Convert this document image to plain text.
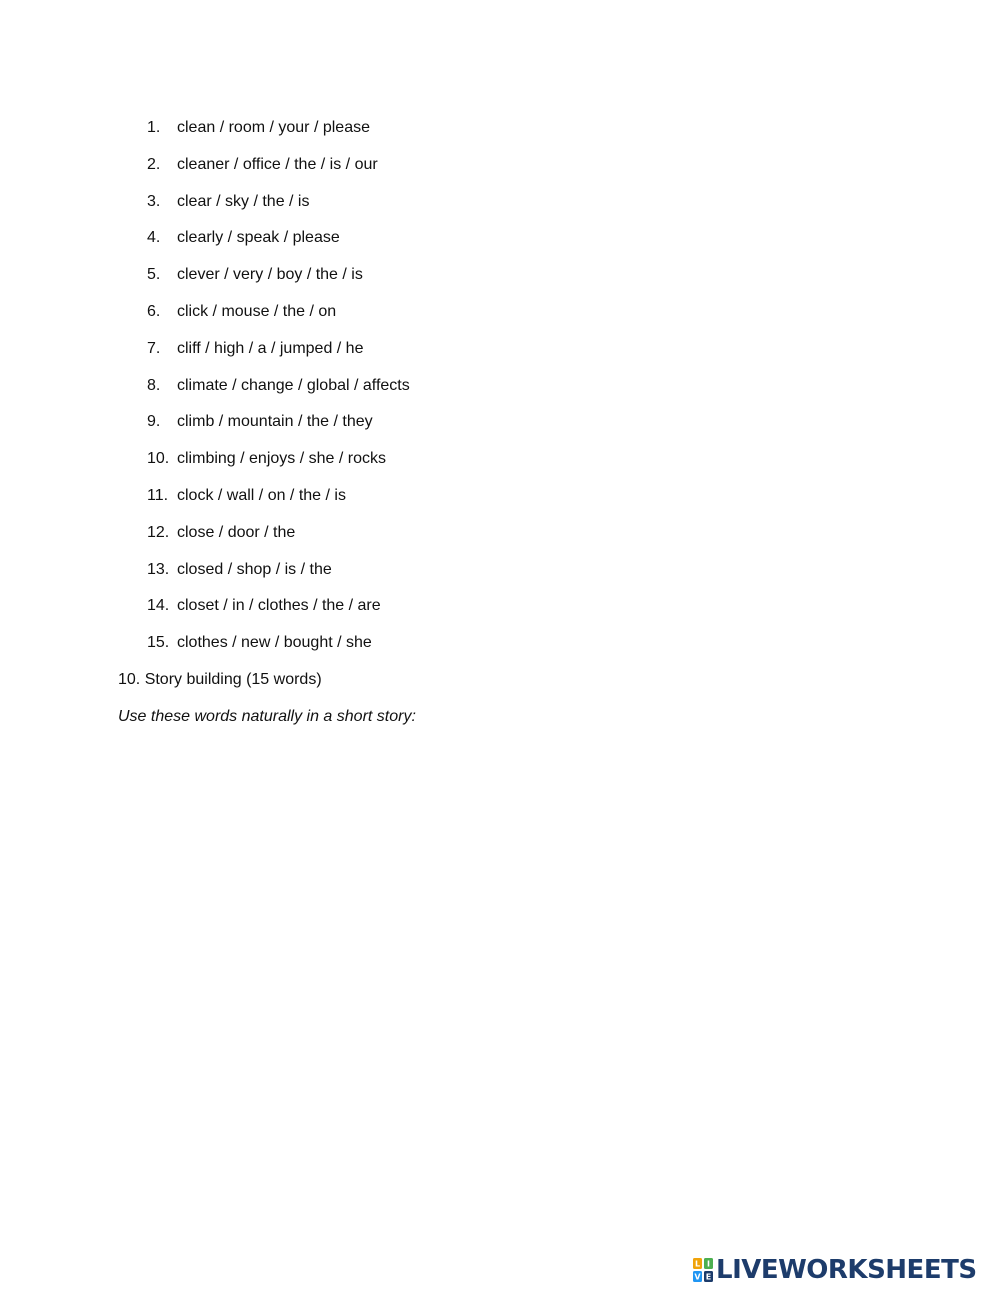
1. clean / room / your / please
2. cleaner / office / the / is / our
3. clear / sky / the / is
4. clearly / speak / please
5. clever / very / boy / the / is
6. click / mouse / the / on
7. cliff / high / a / jumped / he
8. climate / change / global / affects
9. climb / mountain / the / they
10. climbing / enjoys / she / rocks
11. clock / wall / on / the / is
12. close / door / the
13. closed / shop / is / the
14. closet / in / clothes / the / are
15. clothes / new / bought / she
10. Story building (15 words)

Use these words naturally in a short story:

L I
V E LIVEWORKSHEETS
